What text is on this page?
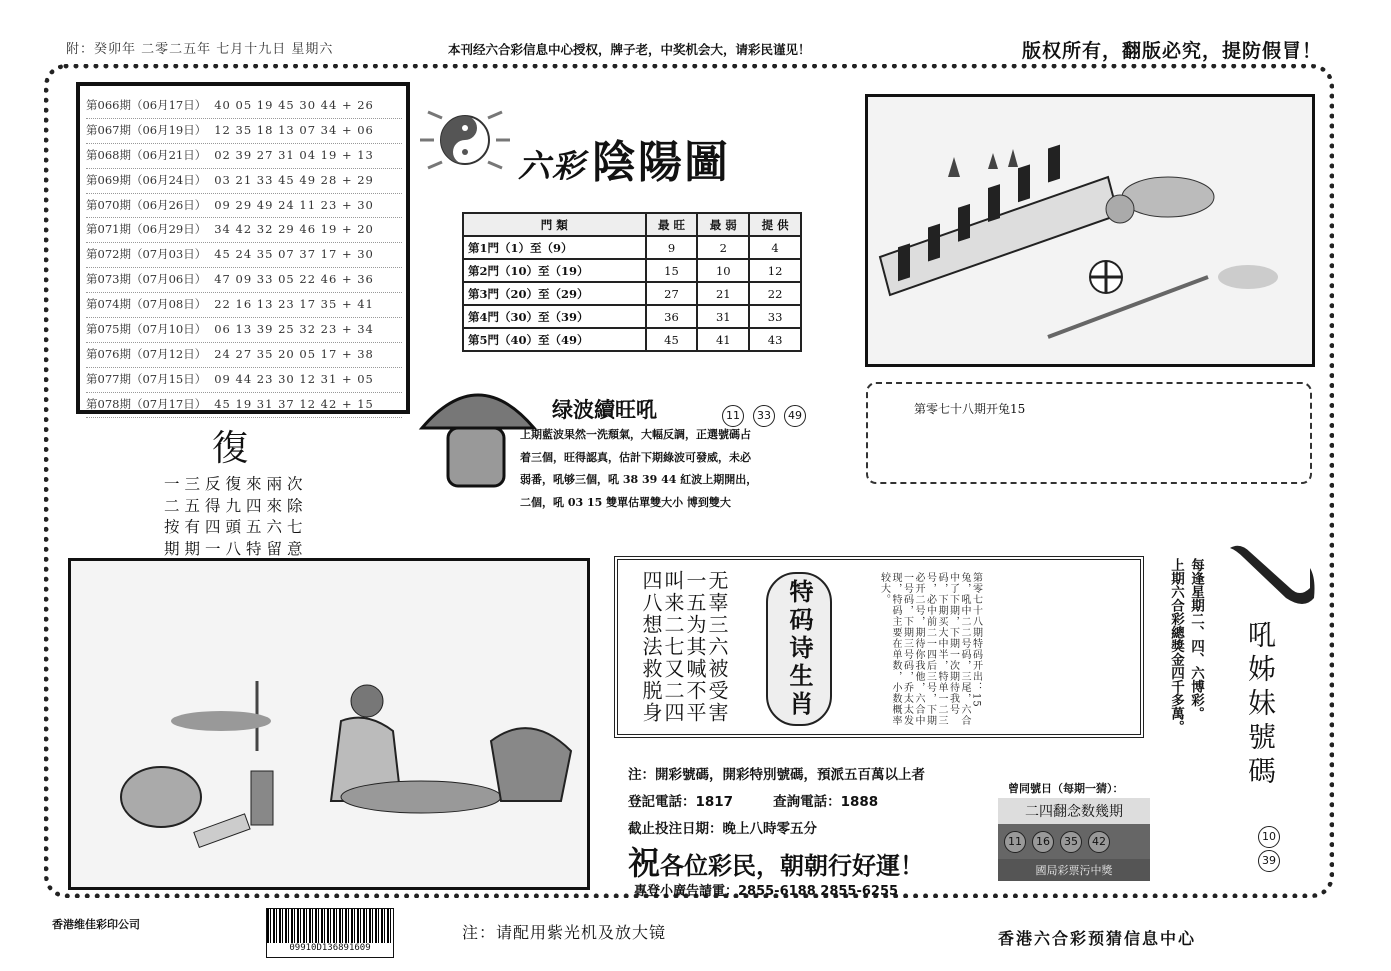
附：癸卯年 二零二五年 七月十九日 星期六	本刊经六合彩信息中心授权，牌子老，中奖机会大，请彩民谨见！	版权所有，翻版必究，提防假冒！
第066期（06月17日） 40 05 19 45 30 44 + 26
第067期（06月19日） 12 35 18 13 07 34 + 06
第068期（06月21日） 02 39 27 31 04 19 + 13
第069期（06月24日） 03 21 33 45 49 28 + 29
第070期（06月26日） 09 29 49 24 11 23 + 30
第071期（06月29日） 34 42 32 29 46 19 + 20
第072期（07月03日） 45 24 35 07 37 17 + 30
第073期（07月06日） 47 09 33 05 22 46 + 36
第074期（07月08日） 22 16 13 23 17 35 + 41
第075期（07月10日） 06 13 39 25 32 23 + 34
第076期（07月12日） 24 27 35 20 05 17 + 38
第077期（07月15日） 09 44 23 30 12 31 + 05
第078期（07月17日） 45 19 31 37 12 42 + 15
六彩 陰陽圖
門 類	最 旺	最 弱	提 供
第1門（1）至（9）	9	2	4
第2門（10）至（19）	15	10	12
第3門（20）至（29）	27	21	22
第4門（30）至（39）	36	31	33
第5門（40）至（49）	45	41	43
第零七十八期开兔15
绿波續旺吼	11 33 49
上期藍波果然一洗頹氣，大幅反調，正選號碼占
着三個，旺得認真，估計下期綠波可發威，未必
弱番，吼够三個，吼 38 39 44 紅波上期開出，
二個，吼 03 15 雙單估單雙大小 博到雙大
復
一三反復來兩次
二五得九四來除
按有四頭五六七
期期一八特留意
无辜三六被受害
一五为其喊不平
叫来二七又二四
四八想法救脱身	特码诗生肖	第零七十八期特码开出：15兔，吼中二二号码，三尾，六合中了下期，下期一次期待我号码，下期买大中半，特单一二三号，必中前二一四后三号，下期必开二号，期待你我他，六合中一号码，下期三号码，乔太太发现，特码主要在单数，小数概率较大。	每逢星期二、四、六博彩。
上期六合彩總獎金四千多萬。 吼姊妹號碼
10
39
注：開彩號碼，開彩特別號碼，預派五百萬以上者
登記電話：1817	查詢電話：1888
截止投注日期：晚上八時零五分
祝各位彩民，朝朝行好運！
專登小廣告請電：2855-6188 2855-6255
曾同號日（每期一猜）：
二四翻念数幾期
11 16 35 42
國局彩票污中獎
香港维佳彩印公司
09910D136891609
注：请配用紫光机及放大镜	香港六合彩预猜信息中心
